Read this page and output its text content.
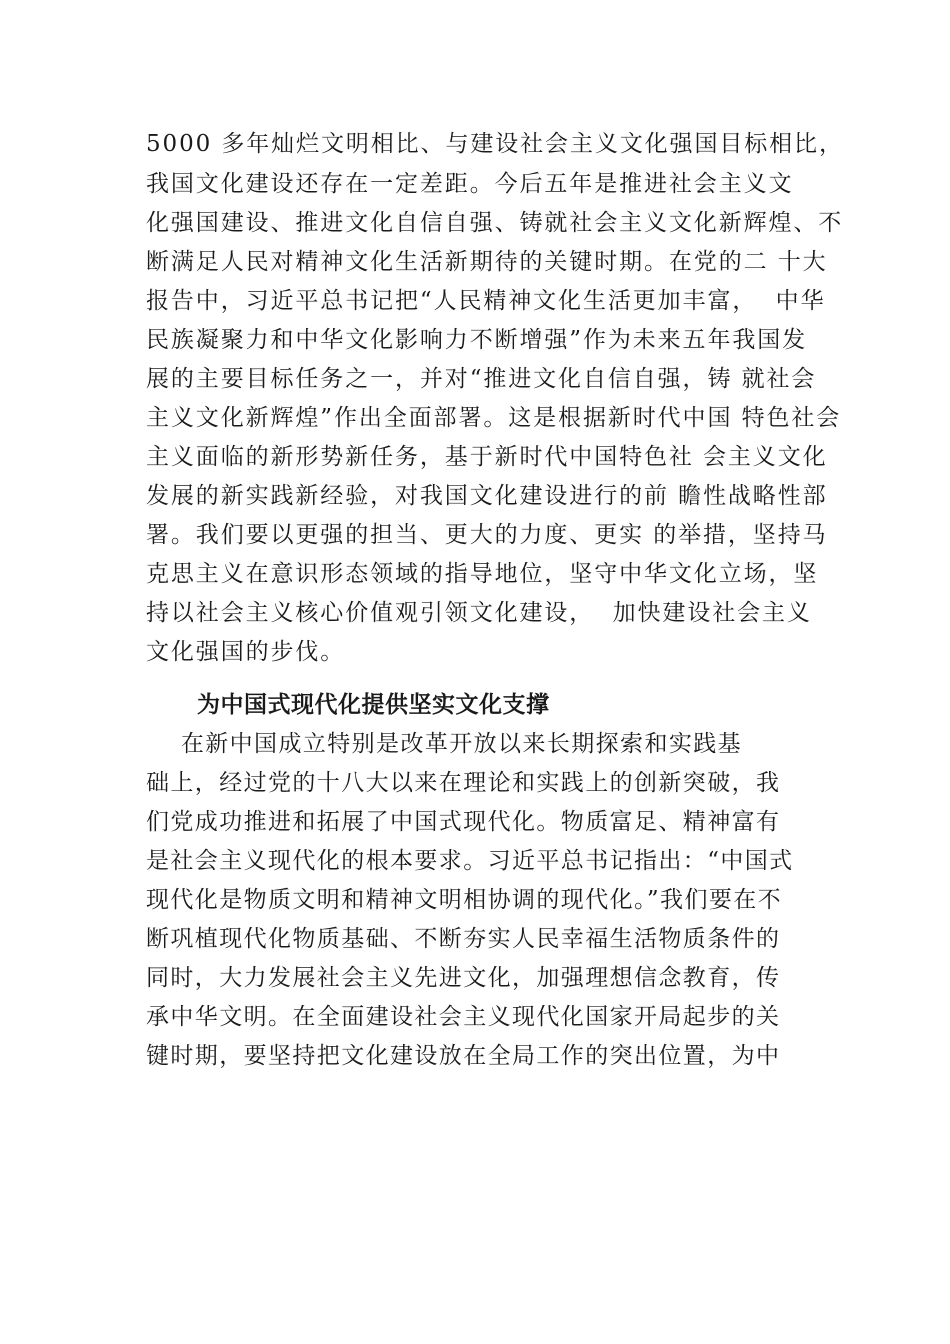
5000 多年灿烂文明相比、与建设社会主义文化强国目标相比，
我国文化建设还存在一定差距。今后五年是推进社会主义文
化强国建设、推进文化自信自强、铸就社会主义文化新辉煌、不
断满足人民对精神文化生活新期待的关键时期。在党的二 十大
报告中，习近平总书记把“人民精神文化生活更加丰富，  中华
民族凝聚力和中华文化影响力不断增强”作为未来五年我国发
展的主要目标任务之一，并对“推进文化自信自强，铸 就社会
主义文化新辉煌”作出全面部署。这是根据新时代中国 特色社会
主义面临的新形势新任务，基于新时代中国特色社 会主义文化
发展的新实践新经验，对我国文化建设进行的前 瞻性战略性部
署。我们要以更强的担当、更大的力度、更实 的举措，坚持马
克思主义在意识形态领域的指导地位，坚守中华文化立场，坚
持以社会主义核心价值观引领文化建设，  加快建设社会主义
文化强国的步伐。
为中国式现代化提供坚实文化支撑
在新中国成立特别是改革开放以来长期探索和实践基
础上，经过党的十八大以来在理论和实践上的创新突破，我
们党成功推进和拓展了中国式现代化。物质富足、精神富有
是社会主义现代化的根本要求。习近平总书记指出：“中国式
现代化是物质文明和精神文明相协调的现代化。”我们要在不
断巩植现代化物质基础、不断夯实人民幸福生活物质条件的
同时，大力发展社会主义先进文化，加强理想信念教育，传
承中华文明。在全面建设社会主义现代化国家开局起步的关
键时期，要坚持把文化建设放在全局工作的突出位置，为中
